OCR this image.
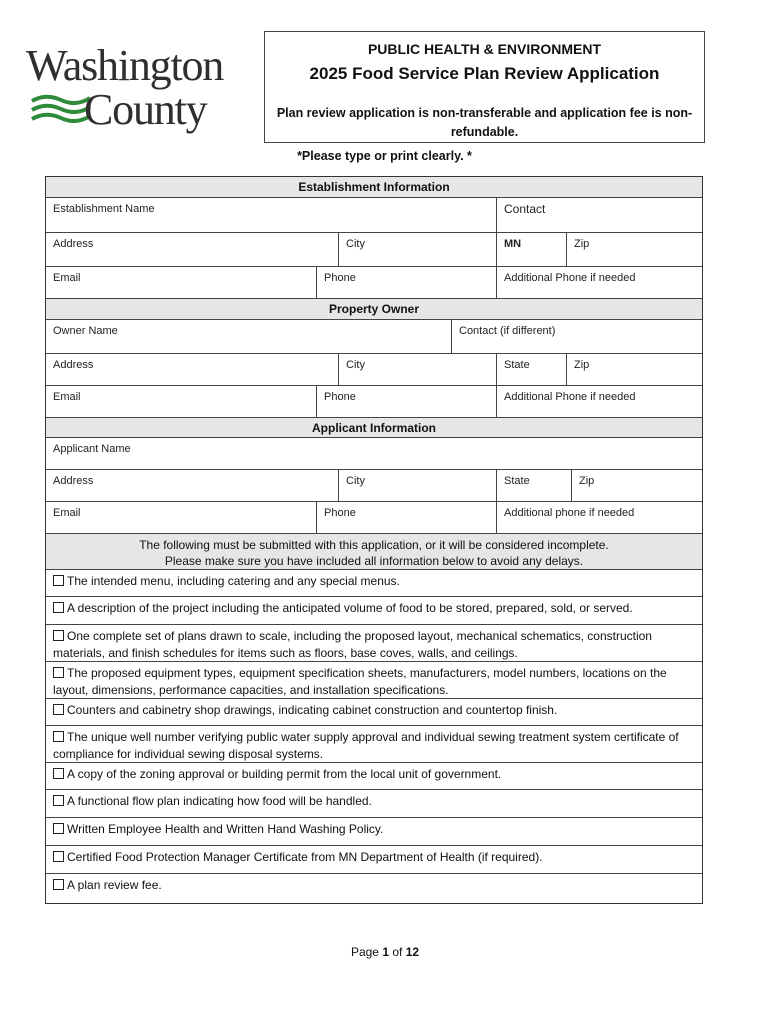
Washington
County
PUBLIC HEALTH & ENVIRONMENT
2025 Food Service Plan Review Application
Plan review application is non-transferable and application fee is non-refundable.
*Please type or print clearly. *
Establishment Information
Establishment Name	Contact
Address	City	MN	Zip
Email	Phone	Additional Phone if needed
Property Owner
Owner Name	Contact (if different)
Address	City	State	Zip
Email	Phone	Additional Phone if needed
Applicant Information
Applicant Name
Address	City	State	Zip
Email	Phone	Additional phone if needed
The following must be submitted with this application, or it will be considered incomplete.
Please make sure you have included all information below to avoid any delays.
The intended menu, including catering and any special menus.
A description of the project including the anticipated volume of food to be stored, prepared, sold, or served.
One complete set of plans drawn to scale, including the proposed layout, mechanical schematics, construction materials, and finish schedules for items such as floors, base coves, walls, and ceilings.
The proposed equipment types, equipment specification sheets, manufacturers, model numbers, locations on the layout, dimensions, performance capacities, and installation specifications.
Counters and cabinetry shop drawings, indicating cabinet construction and countertop finish.
The unique well number verifying public water supply approval and individual sewing treatment system certificate of compliance for individual sewing disposal systems.
A copy of the zoning approval or building permit from the local unit of government.
A functional flow plan indicating how food will be handled.
Written Employee Health and Written Hand Washing Policy.
Certified Food Protection Manager Certificate from MN Department of Health (if required).
A plan review fee.
Page 1 of 12
